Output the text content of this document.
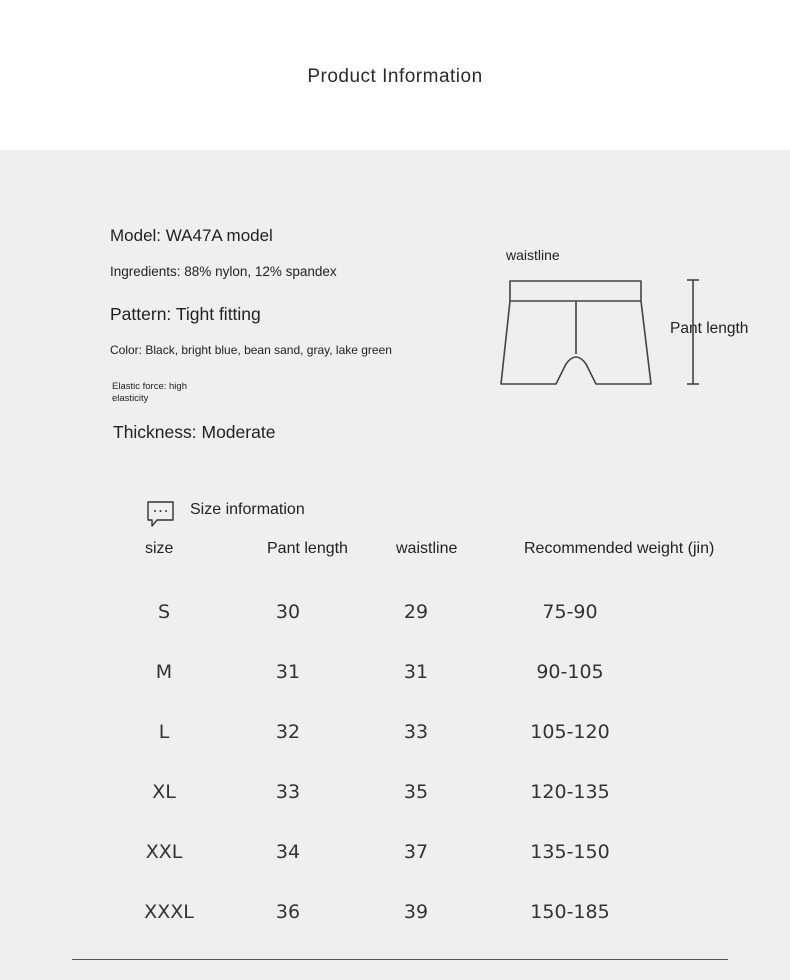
Product Information
Model: WA47A model
Ingredients: 88% nylon, 12% spandex
Pattern: Tight fitting
Color: Black, bright blue, bean sand, gray, lake green
Elastic force: high elasticity
Thickness: Moderate
waistline
Pant length
Size information
size	Pant length	waistline	Recommended weight (jin)
S	30	29	75-90
M	31	31	90-105
L	32	33	105-120
XL	33	35	120-135
XXL	34	37	135-150
XXXL	36	39	150-185
